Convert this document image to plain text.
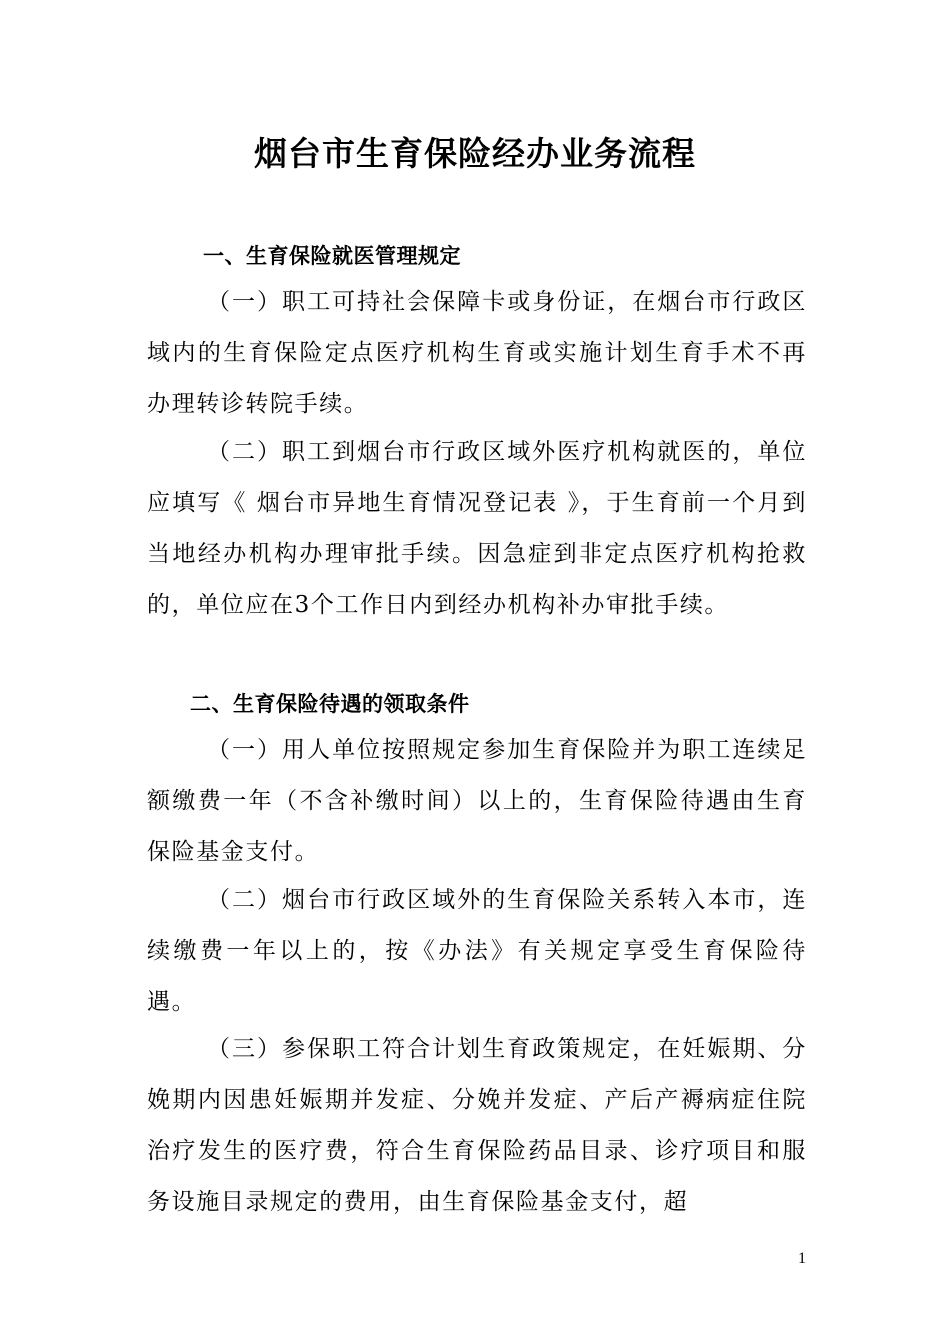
烟台市生育保险经办业务流程
一、生育保险就医管理规定

（一）职工可持社会保障卡或身份证，在烟台市行政区域内的生育保险定点医疗机构生育或实施计划生育手术不再办理转诊转院手续。

（二）职工到烟台市行政区域外医疗机构就医的，单位应填写《 烟台市异地生育情况登记表 》，于生育前一个月到当地经办机构办理审批手续。因急症到非定点医疗机构抢救的，单位应在3个工作日内到经办机构补办审批手续。

二、生育保险待遇的领取条件

（一）用人单位按照规定参加生育保险并为职工连续足额缴费一年（不含补缴时间）以上的，生育保险待遇由生育保险基金支付。

（二）烟台市行政区域外的生育保险关系转入本市，连续缴费一年以上的，按《办法》有关规定享受生育保险待遇。

（三）参保职工符合计划生育政策规定，在妊娠期、分娩期内因患妊娠期并发症、分娩并发症、产后产褥病症住院治疗发生的医疗费，符合生育保险药品目录、诊疗项目和服务设施目录规定的费用，由生育保险基金支付，超

1
